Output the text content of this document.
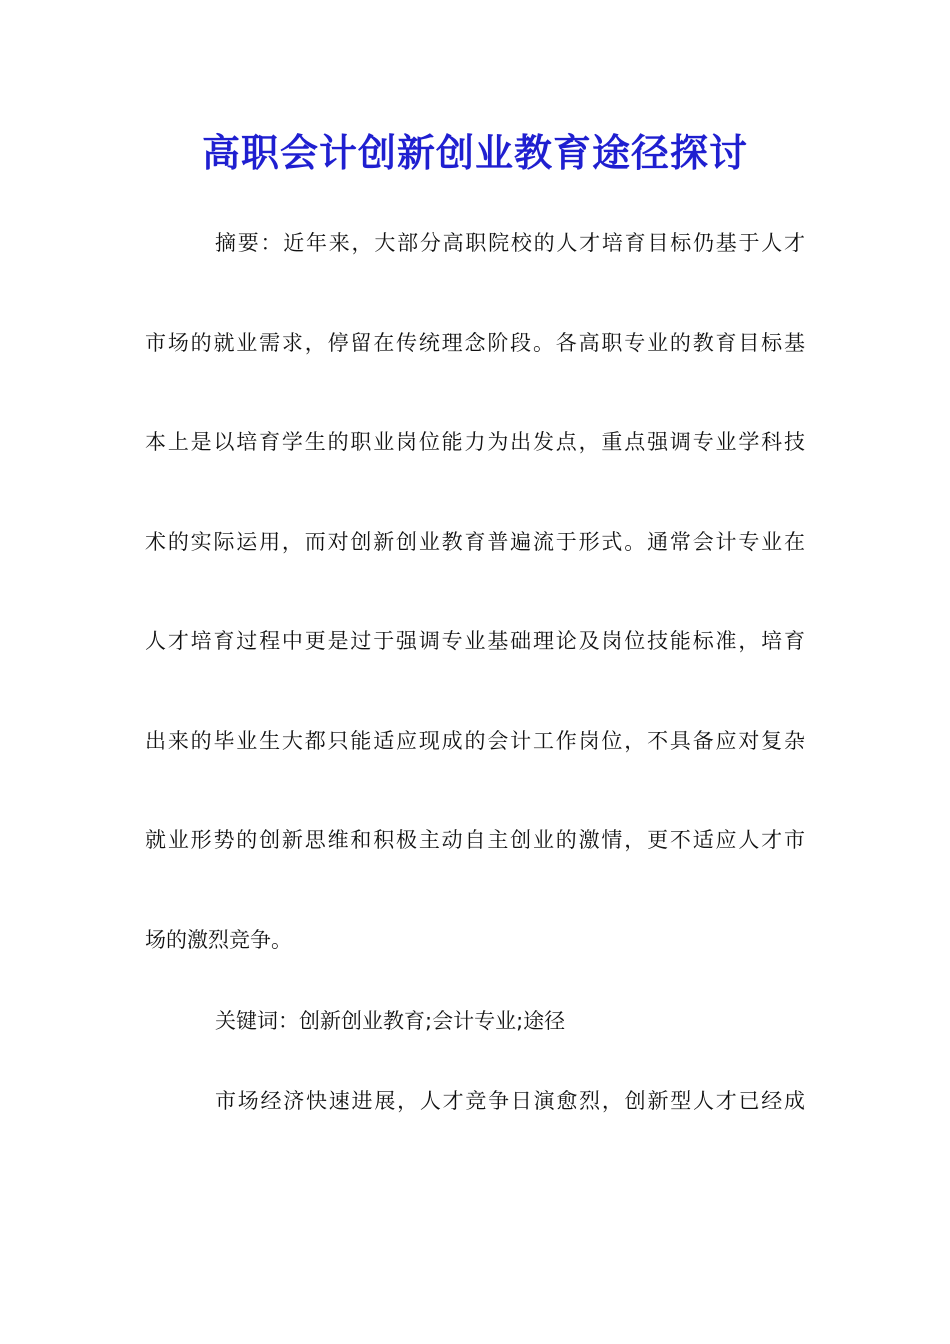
高职会计创新创业教育途径探讨
摘要：近年来，大部分高职院校的人才培育目标仍基于人才
市场的就业需求，停留在传统理念阶段。各高职专业的教育目标基
本上是以培育学生的职业岗位能力为出发点，重点强调专业学科技
术的实际运用，而对创新创业教育普遍流于形式。通常会计专业在
人才培育过程中更是过于强调专业基础理论及岗位技能标准，培育
出来的毕业生大都只能适应现成的会计工作岗位，不具备应对复杂
就业形势的创新思维和积极主动自主创业的激情，更不适应人才市
场的激烈竞争。
关键词：创新创业教育;会计专业;途径
市场经济快速进展，人才竞争日演愈烈，创新型人才已经成
